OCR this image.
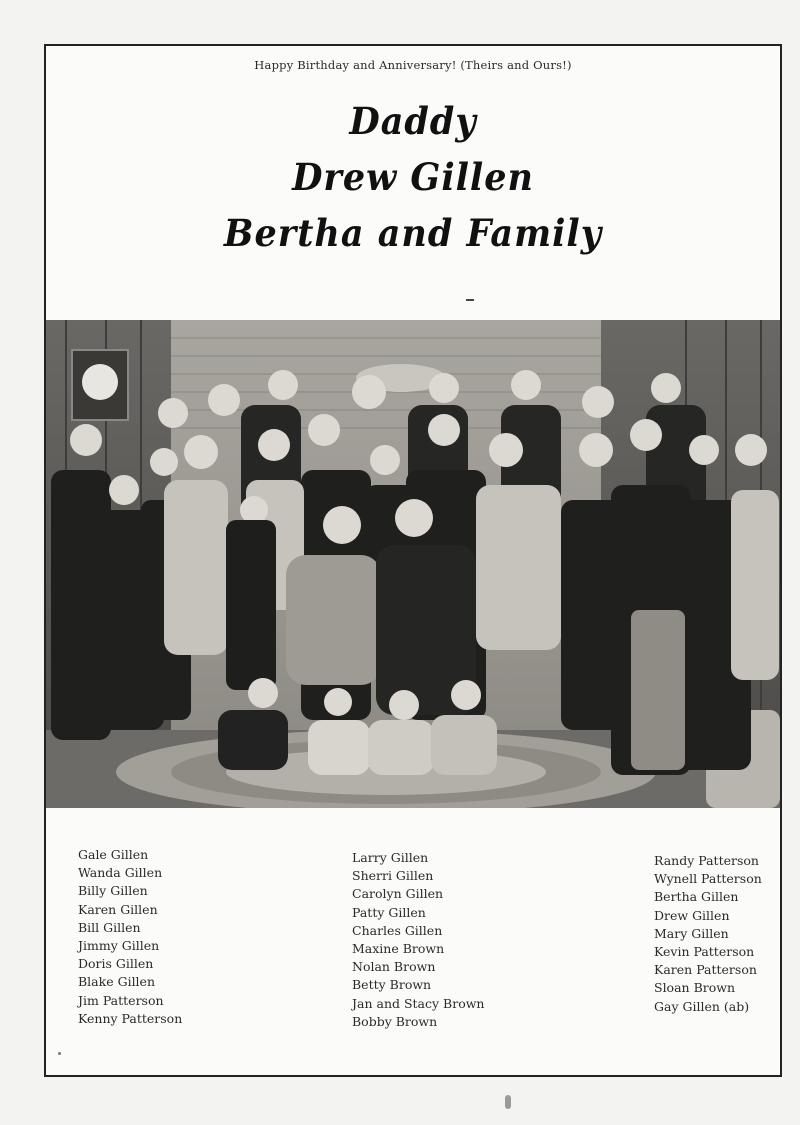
Happy Birthday and Anniversary! (Theirs and Ours!)
Daddy
Drew Gillen
Bertha and Family
Gale Gillen
Wanda Gillen
Billy Gillen
Karen Gillen
Bill Gillen
Jimmy Gillen
Doris Gillen
Blake Gillen
Jim Patterson
Kenny Patterson
Larry Gillen
Sherri Gillen
Carolyn Gillen
Patty Gillen
Charles Gillen
Maxine Brown
Nolan Brown
Betty Brown
Jan and Stacy Brown
Bobby Brown
Randy Patterson
Wynell Patterson
Bertha Gillen
Drew Gillen
Mary Gillen
Kevin Patterson
Karen Patterson
Sloan Brown
Gay Gillen (ab)
